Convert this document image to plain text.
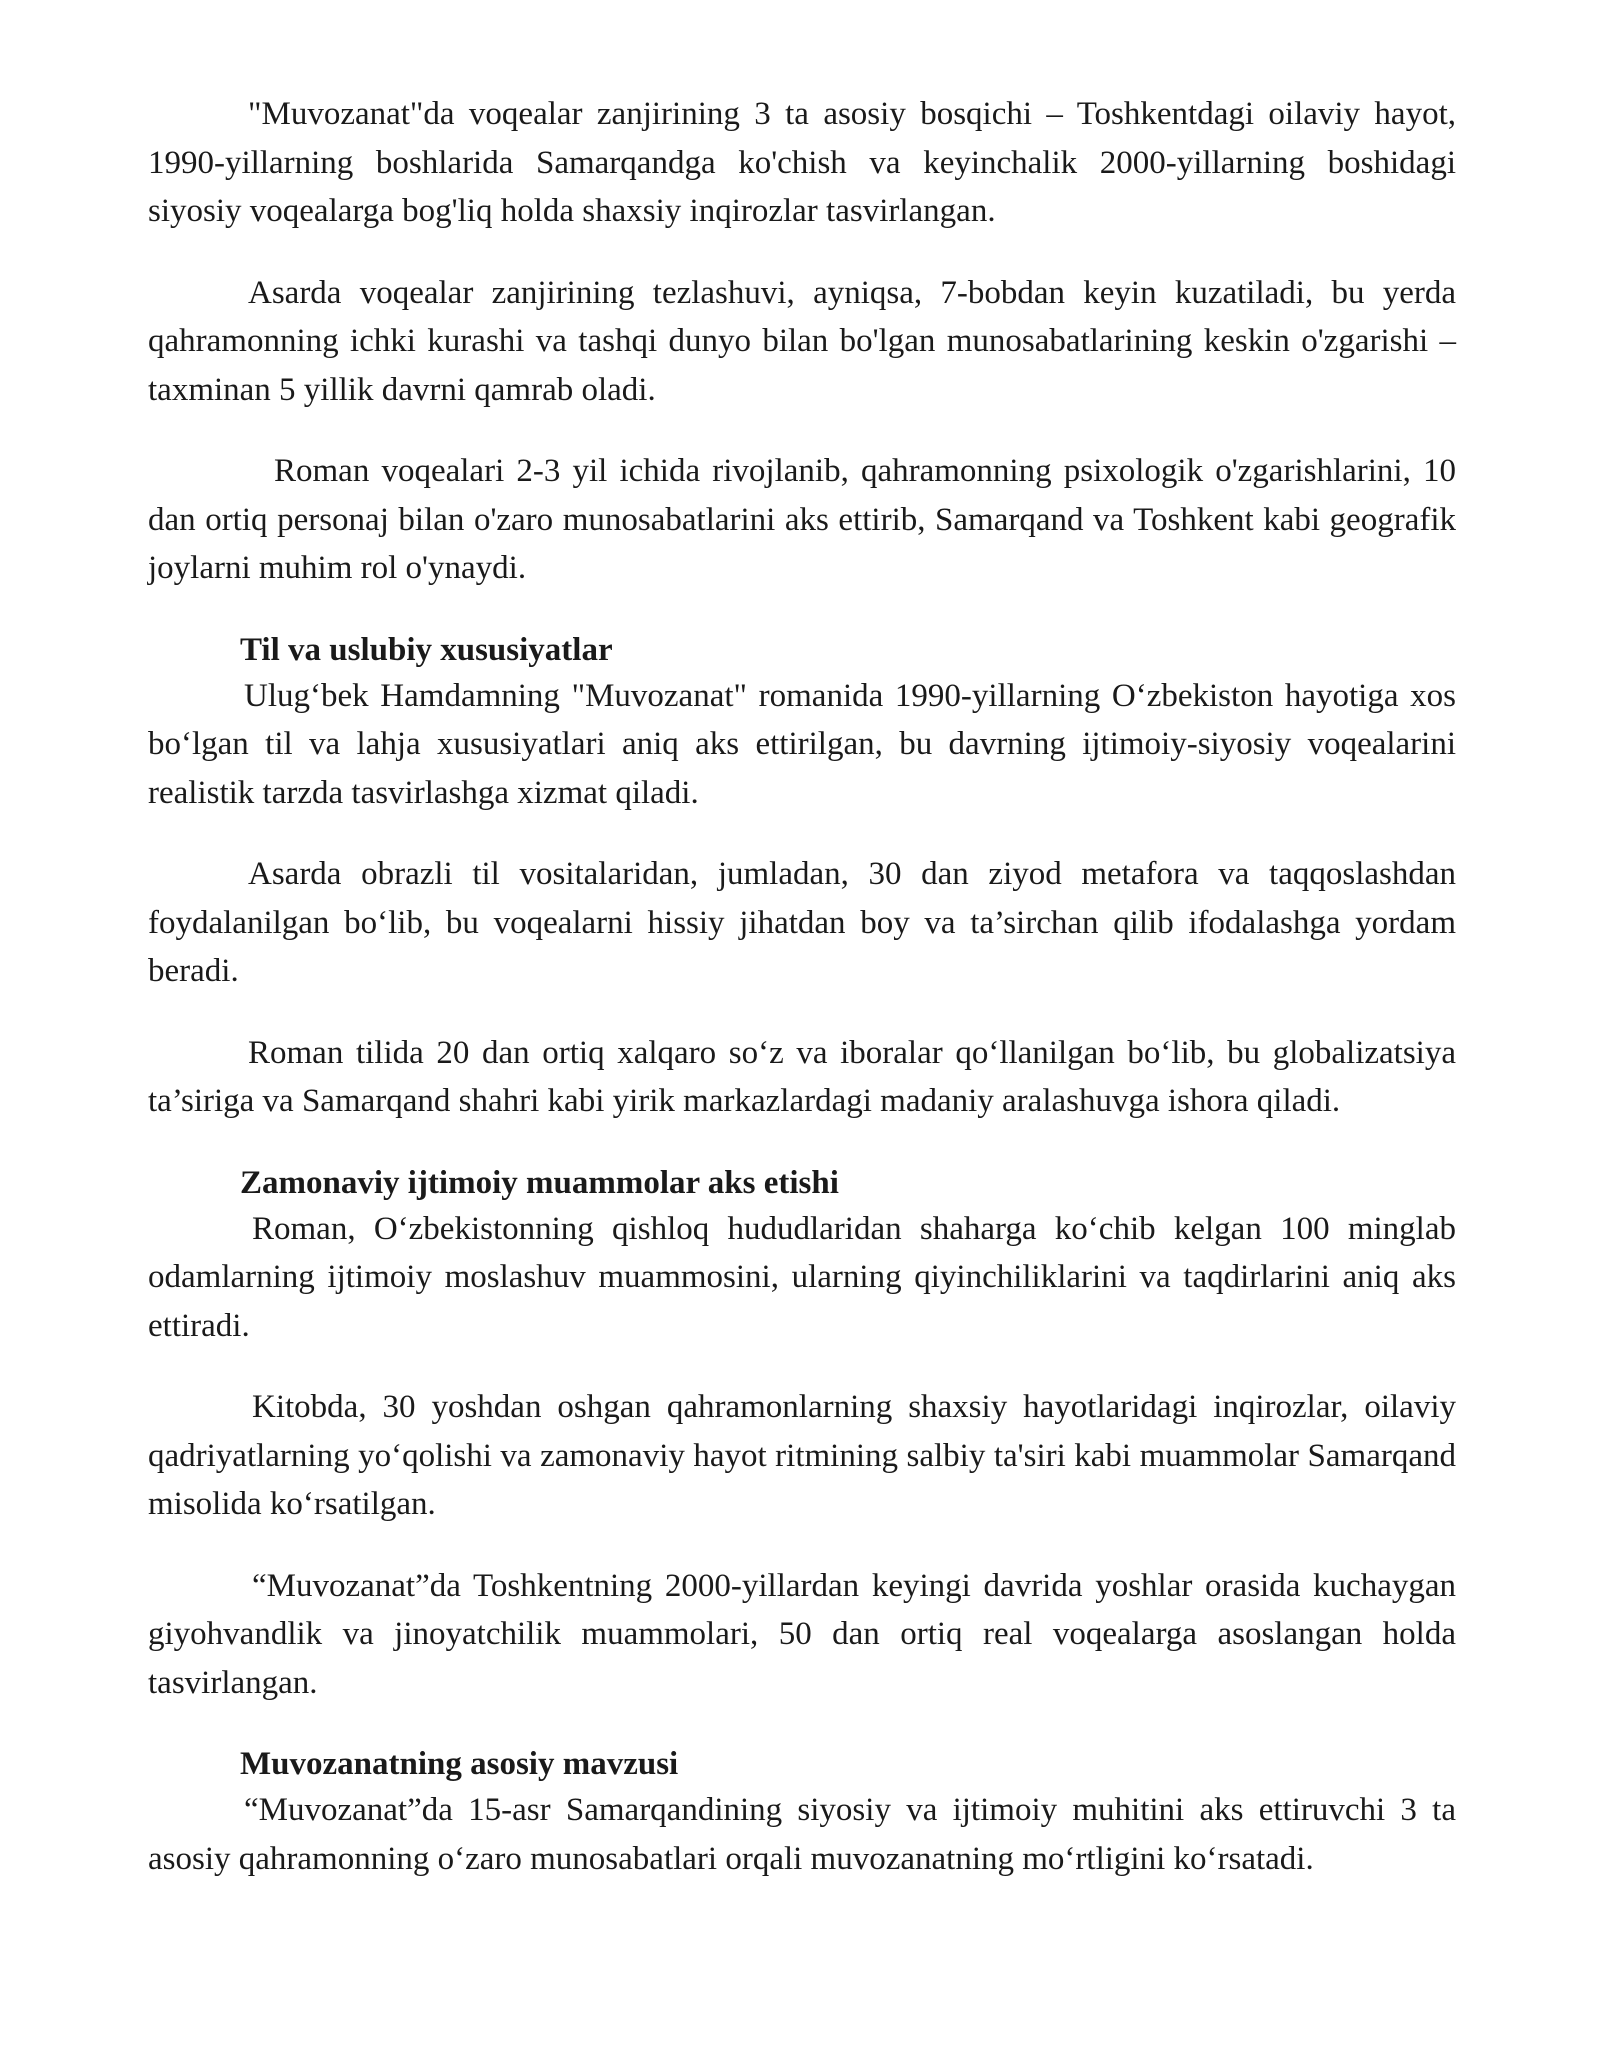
"Muvozanat"da voqealar zanjirining 3 ta asosiy bosqichi – Toshkentdagi oilaviy hayot, 1990-yillarning boshlarida Samarqandga ko'chish va keyinchalik 2000-yillarning boshidagi siyosiy voqealarga bog'liq holda shaxsiy inqirozlar tasvirlangan.

Asarda voqealar zanjirining tezlashuvi, ayniqsa, 7-bobdan keyin kuzatiladi, bu yerda qahramonning ichki kurashi va tashqi dunyo bilan bo'lgan munosabatlarining keskin o'zgarishi – taxminan 5 yillik davrni qamrab oladi.

Roman voqealari 2-3 yil ichida rivojlanib, qahramonning psixologik o'zgarishlarini, 10 dan ortiq personaj bilan o'zaro munosabatlarini aks ettirib, Samarqand va Toshkent kabi geografik joylarni muhim rol o'ynaydi.

Til va uslubiy xususiyatlar

Ulug‘bek Hamdamning "Muvozanat" romanida 1990-yillarning O‘zbekiston hayotiga xos bo‘lgan til va lahja xususiyatlari aniq aks ettirilgan, bu davrning ijtimoiy-siyosiy voqealarini realistik tarzda tasvirlashga xizmat qiladi.

Asarda obrazli til vositalaridan, jumladan, 30 dan ziyod metafora va taqqoslashdan foydalanilgan bo‘lib, bu voqealarni hissiy jihatdan boy va ta’sirchan qilib ifodalashga yordam beradi.

Roman tilida 20 dan ortiq xalqaro so‘z va iboralar qo‘llanilgan bo‘lib, bu globalizatsiya ta’siriga va Samarqand shahri kabi yirik markazlardagi madaniy aralashuvga ishora qiladi.

Zamonaviy ijtimoiy muammolar aks etishi

Roman, O‘zbekistonning qishloq hududlaridan shaharga ko‘chib kelgan 100 minglab odamlarning ijtimoiy moslashuv muammosini, ularning qiyinchiliklarini va taqdirlarini aniq aks ettiradi.

Kitobda, 30 yoshdan oshgan qahramonlarning shaxsiy hayotlaridagi inqirozlar, oilaviy qadriyatlarning yo‘qolishi va zamonaviy hayot ritmining salbiy ta'siri kabi muammolar Samarqand misolida ko‘rsatilgan.

“Muvozanat”da Toshkentning 2000-yillardan keyingi davrida yoshlar orasida kuchaygan giyohvandlik va jinoyatchilik muammolari, 50 dan ortiq real voqealarga asoslangan holda tasvirlangan.

Muvozanatning asosiy mavzusi

“Muvozanat”da 15-asr Samarqandining siyosiy va ijtimoiy muhitini aks ettiruvchi 3 ta asosiy qahramonning o‘zaro munosabatlari orqali muvozanatning mo‘rtligini ko‘rsatadi.
